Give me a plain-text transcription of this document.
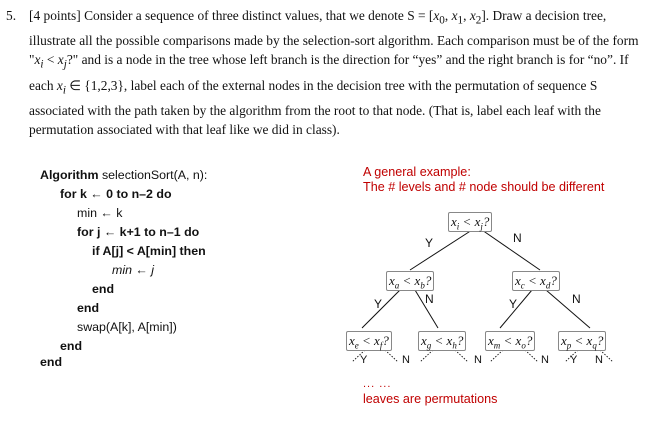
5. [4 points] Consider a sequence of three distinct values, that we denote $S = [x_0$, $x_1$, $x_2$]. Draw a decision tree, illustrate all the possible comparisons made by the selection-sort algorithm. Each comparison must be of the form "$x_i < x_j$?" and is a node in the tree whose left branch is the direction for “yes” and the right branch is for “no”. If each $x_i$ ∈ {1,2,3}, label each of the external nodes in the decision tree with the permutation of sequence S associated with the path taken by the algorithm from the root to that node. (That is, label each leaf with the permutation associated with that leaf like we did in class).
Algorithm selectionSort(A, n):
for k ← 0 to n–2 do
min ← k
for j ← k+1 to n–1 do
if A[j] < A[min] then
min ← j
end
end
swap(A[k], A[min])
end
end
A general example:
The # levels and # node should be different
... ...
leaves are permutations
$x_i < x_j$?
$x_a < x_b$?	$x_c < x_d$?
$x_e < x_f$? $x_g < x_h$? $x_m < x_o$? $x_p < x_q$?
Y	N
Y	N	Y	N
Y	N	N	N Y N
